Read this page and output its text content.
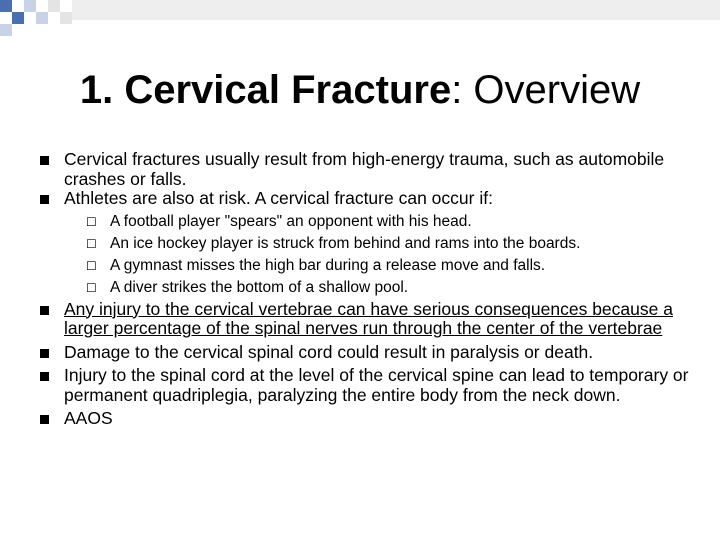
1. Cervical Fracture: Overview
Cervical fractures usually result from high-energy trauma, such as automobile crashes or falls.
Athletes are also at risk. A cervical fracture can occur if:
☐ A football player "spears" an opponent with his head.
☐ An ice hockey player is struck from behind and rams into the boards.
☐ A gymnast misses the high bar during a release move and falls.
☐ A diver strikes the bottom of a shallow pool.
Any injury to the cervical vertebrae can have serious consequences because a larger percentage of the spinal nerves run through the center of the vertebrae
Damage to the cervical spinal cord could result in paralysis or death.
Injury to the spinal cord at the level of the cervical spine can lead to temporary or permanent quadriplegia, paralyzing the entire body from the neck down.
AAOS
